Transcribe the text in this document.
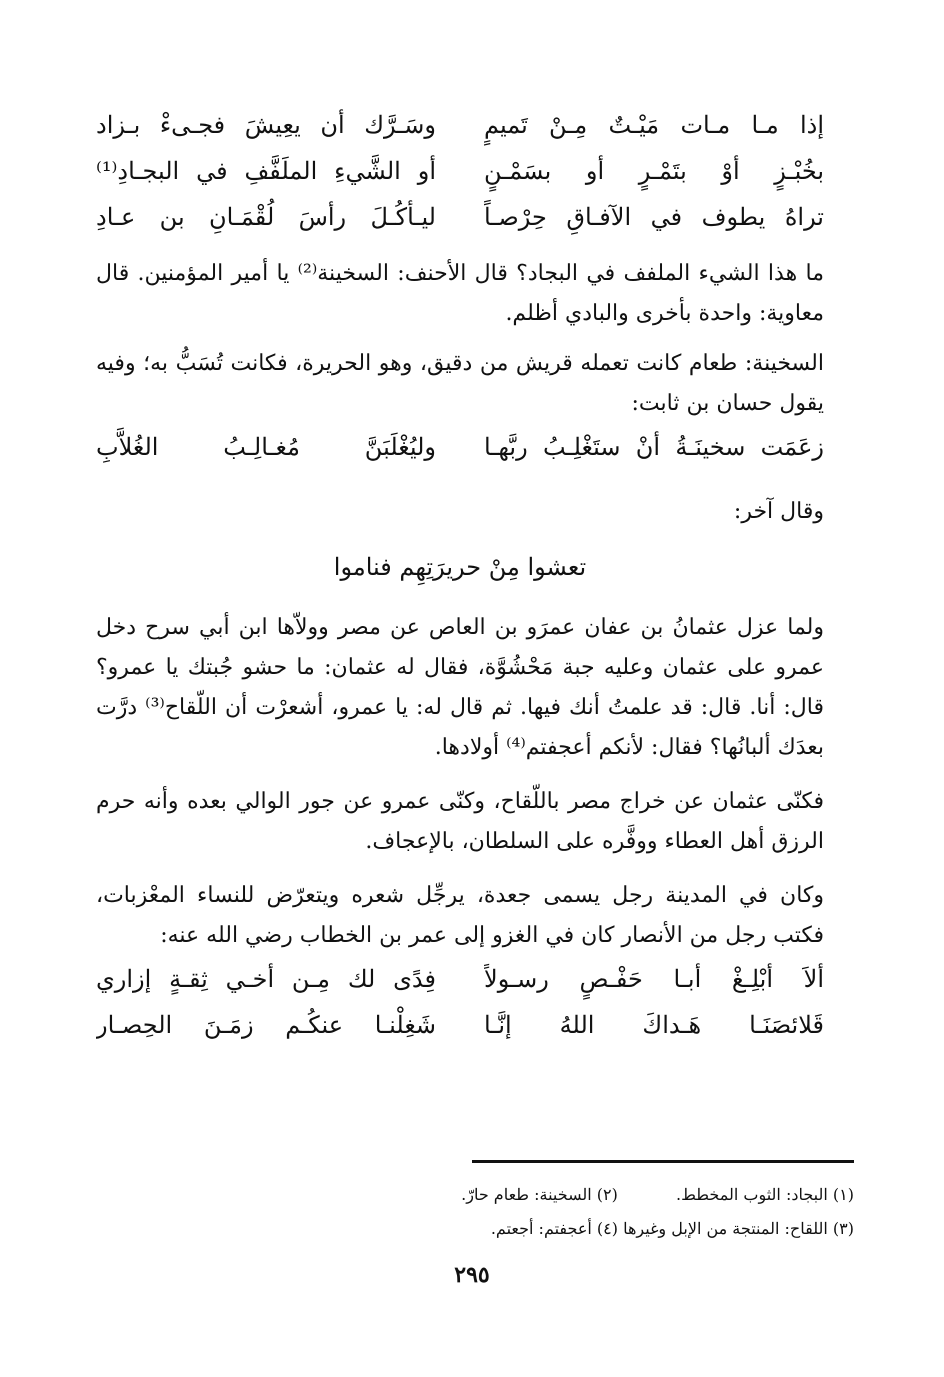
إذا مـا مـات مَيْـتٌ مِـنْ تَميمٍ
وسَـرَّك أن يعِيشَ فجـىءْ بـزاد
بخُبْـزٍ أوْ بتَمْـرٍ أو بسَمْـنٍ
أو الشَّيءِ الملَفَّفِ في البجـادِ⁽¹⁾
تراهُ يطوف في الآفـاقِ حِرْصـاً
ليـأكُـلَ رأسَ لُقْمَـانِ بن عـادِ

ما هذا الشيء الملفف في البجاد؟ قال الأحنف: السخينة⁽²⁾ يا أمير المؤمنين. قال معاوية: واحدة بأخرى والبادي أظلم.

السخينة: طعام كانت تعمله قريش من دقيق، وهو الحريرة، فكانت تُسَبُّ به؛ وفيه يقول حسان بن ثابت:

زعَمَت سخينَـةُ أنْ ستَغْلِـبُ ربَّهـا
وليُغْلَبَنَّ مُغـالِـبُ الغُلاَّبِ

وقال آخر:

تعشوا مِنْ حريرَتِهِم فناموا

ولما عزل عثمانُ بن عفان عمرَو بن العاص عن مصر وولاّها ابن أبي سرح دخل عمرو على عثمان وعليه جبة مَحْشُوَّة، فقال له عثمان: ما حشو جُبتك يا عمرو؟ قال: أنا. قال: قد علمتُ أنك فيها. ثم قال له: يا عمرو، أشعرْت أن اللّقاح⁽³⁾ درَّت بعدَك ألبانُها؟ فقال: لأنكم أعجفتم⁽⁴⁾ أولادها.

فكنّى عثمان عن خراج مصر باللّقاح، وكنّى عمرو عن جور الوالي بعده وأنه حرم الرزق أهل العطاء ووفَّره على السلطان، بالإعجاف.

وكان في المدينة رجل يسمى جعدة، يرجِّل شعره ويتعرّض للنساء المعْزبات، فكتب رجل من الأنصار كان في الغزو إلى عمر بن الخطاب رضي الله عنه:

ألاَ أبْلِـغْ أبـا حَفْـصٍ رسـولاً
فِدًى لك مِـن أخـي ثِقـةٍ إزاري
قَلائصَنَـا هَـداكَ اللهُ إنَّـا
شَغِلْنـا عنكُـم زمَـنَ الحِصـار
(١) البجاد: الثوب المخطط.  (٢) السخينة: طعام حارّ.
(٣) اللقاح: المنتجة من الإبل وغيرها (٤) أعجفتم: أجعتم.
٢٩٥
